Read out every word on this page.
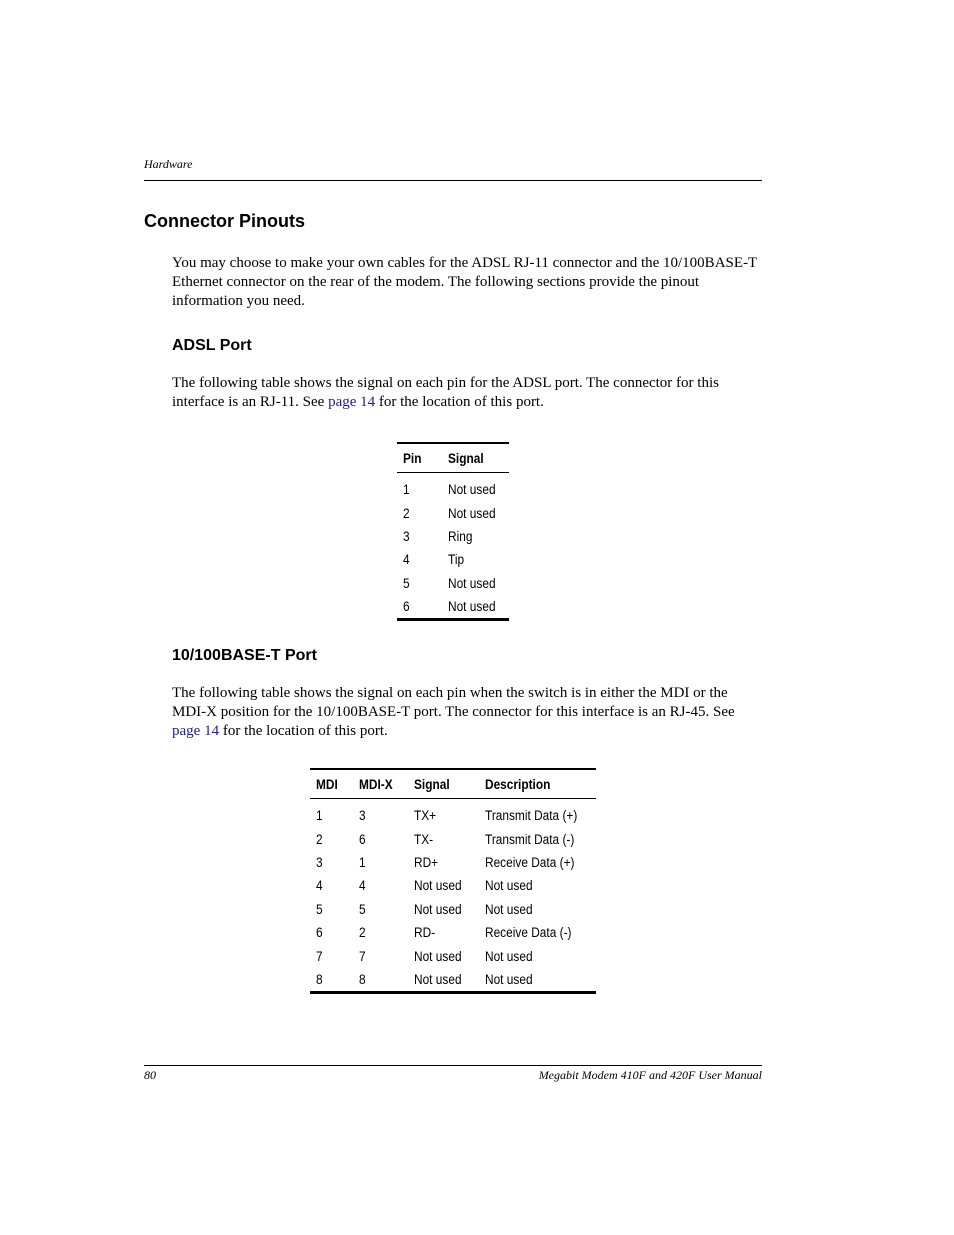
Hardware
Connector Pinouts

You may choose to make your own cables for the ADSL RJ-11 connector and the 10/100BASE-T Ethernet connector on the rear of the modem. The following sections provide the pinout information you need.

ADSL Port

The following table shows the signal on each pin for the ADSL port. The connector for this interface is an RJ-11. See page 14 for the location of this port.

Pin	Signal
1	Not used
2	Not used
3	Ring
4	Tip
5	Not used
6	Not used
10/100BASE-T Port

The following table shows the signal on each pin when the switch is in either the MDI or the MDI-X position for the 10/100BASE-T port. The connector for this interface is an RJ-45. See page 14 for the location of this port.

MDI	MDI-X	Signal	Description
1	3	TX+	Transmit Data (+)
2	6	TX-	Transmit Data (-)
3	1	RD+	Receive Data (+)
4	4	Not used	Not used
5	5	Not used	Not used
6	2	RD-	Receive Data (-)
7	7	Not used	Not used
8	8	Not used	Not used
80	Megabit Modem 410F and 420F User Manual
